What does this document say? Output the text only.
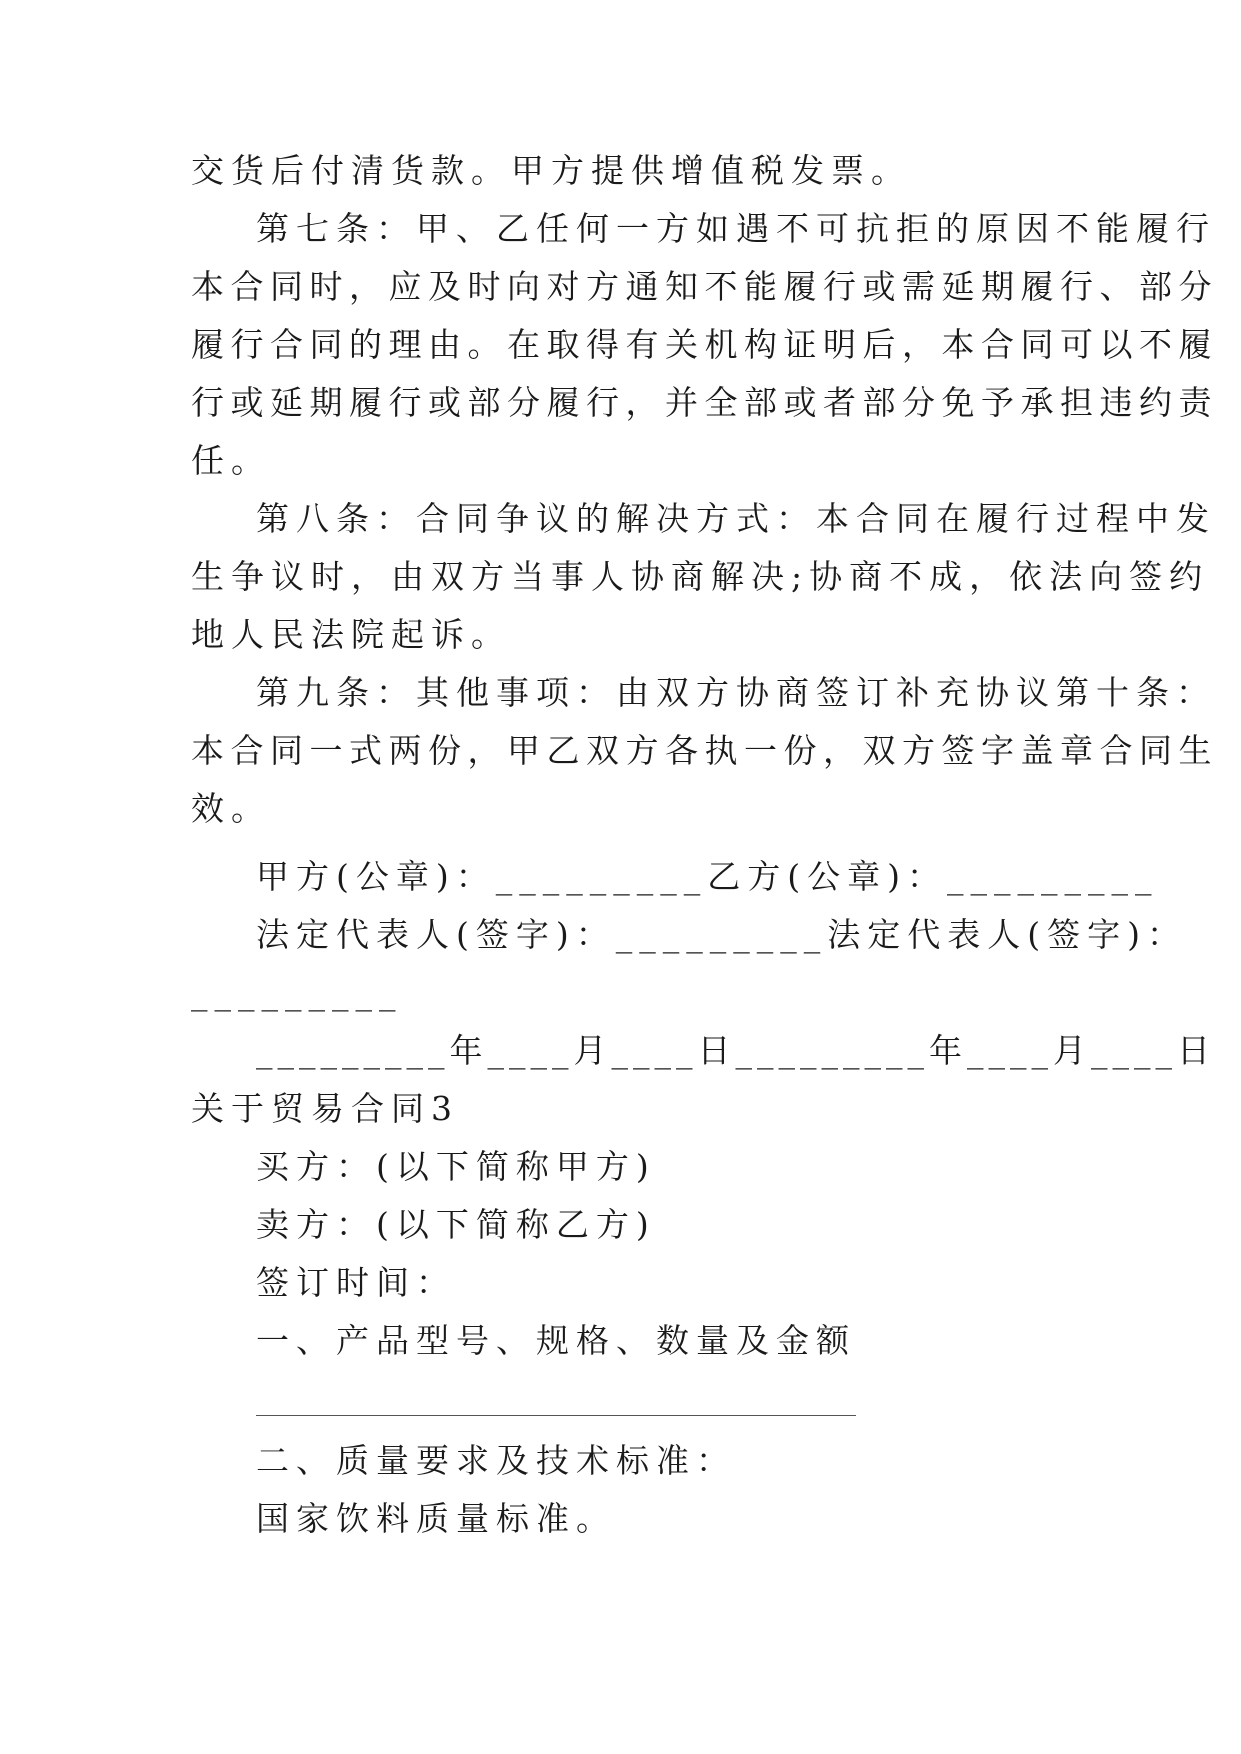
交货后付清货款。甲方提供增值税发票。

第七条：甲、乙任何一方如遇不可抗拒的原因不能履行

本合同时，应及时向对方通知不能履行或需延期履行、部分

履行合同的理由。在取得有关机构证明后，本合同可以不履

行或延期履行或部分履行，并全部或者部分免予承担违约责

任。

第八条：合同争议的解决方式：本合同在履行过程中发

生争议时，由双方当事人协商解决;协商不成，依法向签约

地人民法院起诉。

第九条：其他事项：由双方协商签订补充协议第十条：

本合同一式两份，甲乙双方各执一份，双方签字盖章合同生

效。

甲方(公章)：_________乙方(公章)：_________

法定代表人(签字)：_________法定代表人(签字)：

_________

_________年____月____日_________年____月____日

关于贸易合同3

买方：(以下简称甲方)

卖方：(以下简称乙方)

签订时间：

一、产品型号、规格、数量及金额

二、质量要求及技术标准：

国家饮料质量标准。
